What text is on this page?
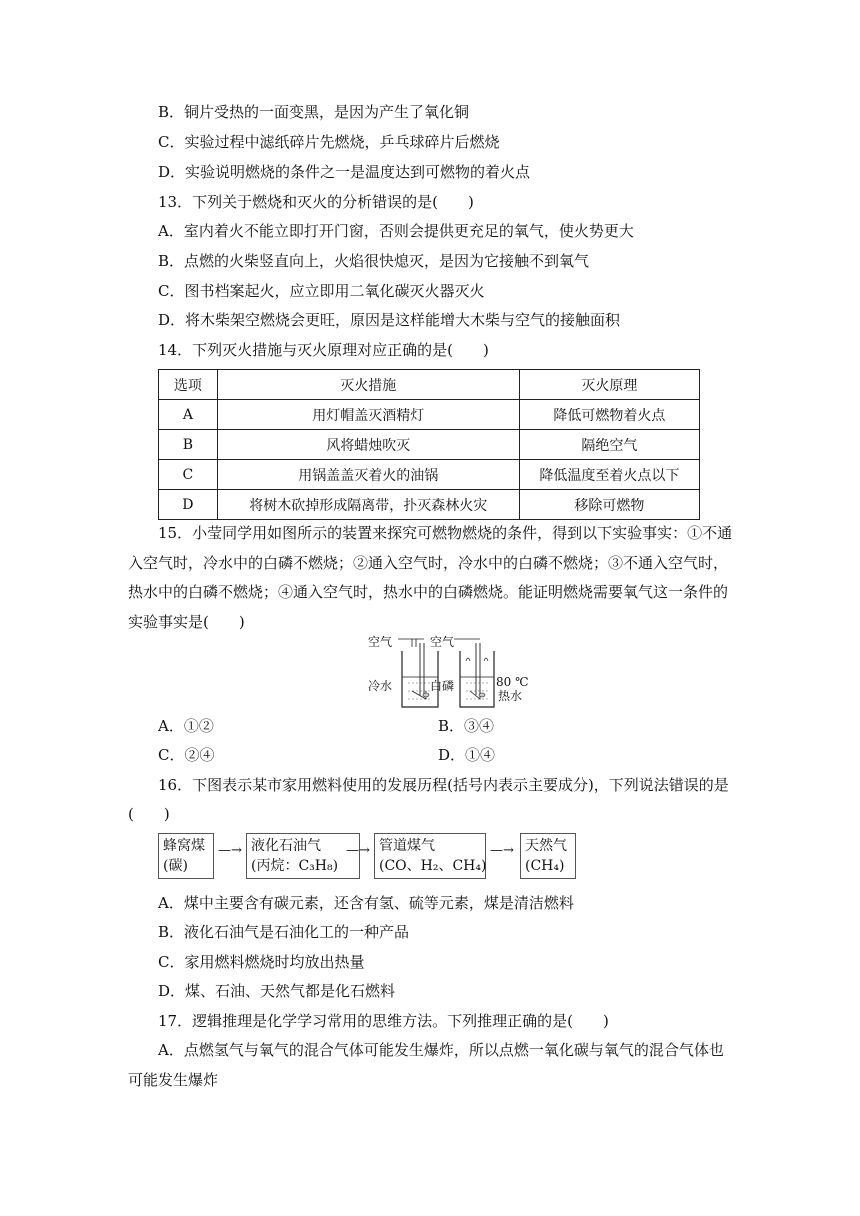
B．铜片受热的一面变黑，是因为产生了氧化铜
C．实验过程中滤纸碎片先燃烧，乒乓球碎片后燃烧
D．实验说明燃烧的条件之一是温度达到可燃物的着火点
13．下列关于燃烧和灭火的分析错误的是(　　)
A．室内着火不能立即打开门窗，否则会提供更充足的氧气，使火势更大
B．点燃的火柴竖直向上，火焰很快熄灭，是因为它接触不到氧气
C．图书档案起火，应立即用二氧化碳灭火器灭火
D．将木柴架空燃烧会更旺，原因是这样能增大木柴与空气的接触面积
14．下列灭火措施与灭火原理对应正确的是(　　)
选项	灭火措施	灭火原理
A	用灯帽盖灭酒精灯	降低可燃物着火点
B	风将蜡烛吹灭	隔绝空气
C	用锅盖盖灭着火的油锅	降低温度至着火点以下
D	将树木砍掉形成隔离带，扑灭森林火灾	移除可燃物
15．小莹同学用如图所示的装置来探究可燃物燃烧的条件，得到以下实验事实：①不通
入空气时，冷水中的白磷不燃烧；②通入空气时，冷水中的白磷不燃烧；③不通入空气时，
热水中的白磷不燃烧；④通入空气时，热水中的白磷燃烧。能证明燃烧需要氧气这一条件的
实验事实是(　　)
空气	空气
冷水	白磷	80 ℃
热水
A．①②	B．③④
C．②④	D．①④
16．下图表示某市家用燃料使用的发展历程(括号内表示主要成分)，下列说法错误的是
(　　)
蜂窝煤
(碳)
—→ 液化石油气
(丙烷：C₃H₈)
—→ 管道煤气
(CO、H₂、CH₄)
—→ 天然气
(CH₄)
A．煤中主要含有碳元素，还含有氢、硫等元素，煤是清洁燃料
B．液化石油气是石油化工的一种产品
C．家用燃料燃烧时均放出热量
D．煤、石油、天然气都是化石燃料
17．逻辑推理是化学学习常用的思维方法。下列推理正确的是(　　)
A．点燃氢气与氧气的混合气体可能发生爆炸，所以点燃一氧化碳与氧气的混合气体也
可能发生爆炸
